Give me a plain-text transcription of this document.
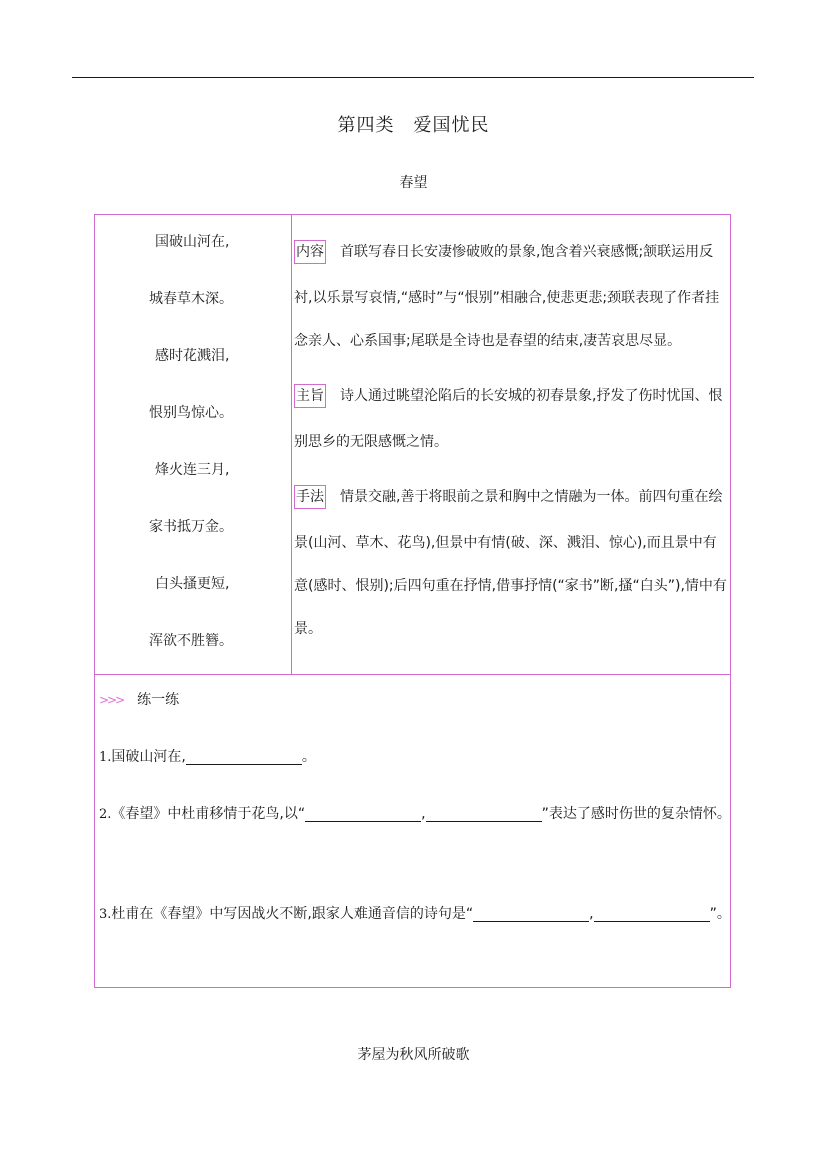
第四类　爱国忧民
春望
国破山河在,
城春草木深。
感时花溅泪,
恨别鸟惊心。
烽火连三月,
家书抵万金。
白头搔更短,
浑欲不胜簪。
内容 首联写春日长安凄惨破败的景象,饱含着兴衰感慨;颔联运用反
衬,以乐景写哀情,“感时”与“恨别”相融合,使悲更悲;颈联表现了作者挂
念亲人、心系国事;尾联是全诗也是春望的结束,凄苦哀思尽显。
主旨 诗人通过眺望沦陷后的长安城的初春景象,抒发了伤时忧国、恨
别思乡的无限感慨之情。
手法 情景交融,善于将眼前之景和胸中之情融为一体。前四句重在绘
景(山河、草木、花鸟),但景中有情(破、深、溅泪、惊心),而且景中有
意(感时、恨别);后四句重在抒情,借事抒情(“家书”断,搔“白头”),情中有
景。
>>> 练一练
1.国破山河在,	。
2.《春望》中杜甫移情于花鸟,以“	,	”表达了感时伤世的复杂情怀。
3.杜甫在《春望》中写因战火不断,跟家人难通音信的诗句是“	,	”。
茅屋为秋风所破歌
